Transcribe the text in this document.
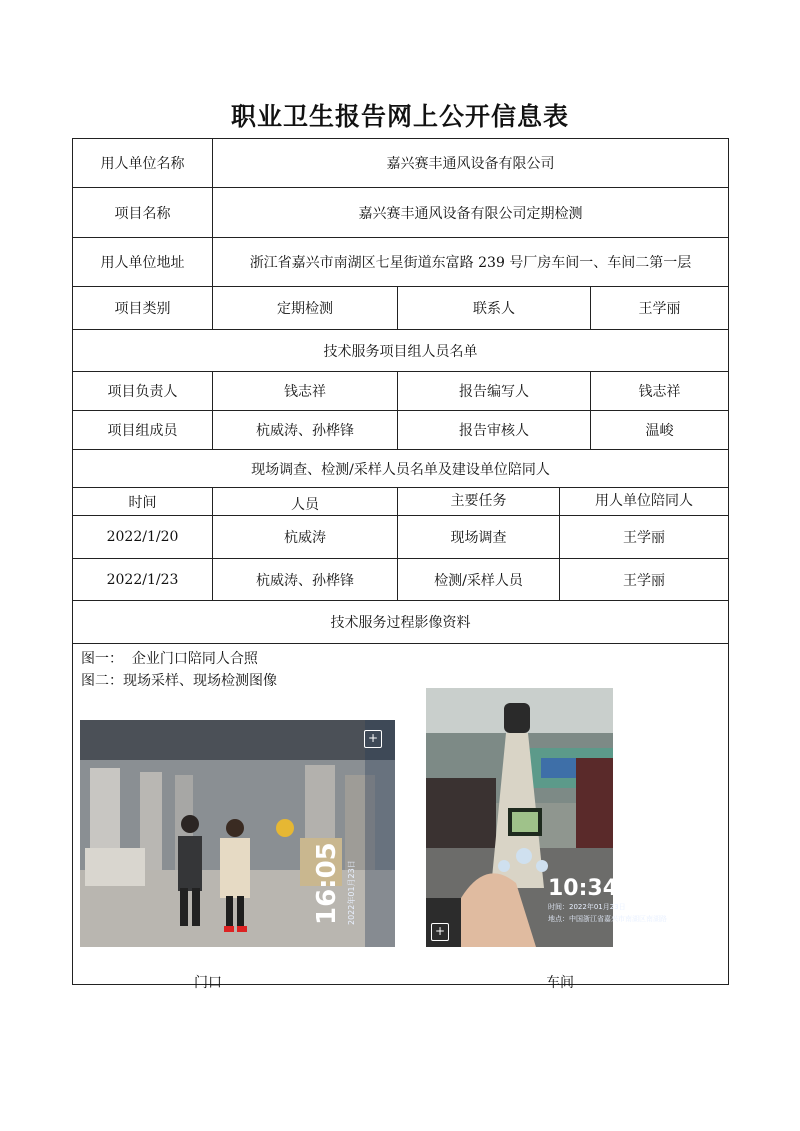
职业卫生报告网上公开信息表
用人单位名称	嘉兴赛丰通风设备有限公司
项目名称	嘉兴赛丰通风设备有限公司定期检测
用人单位地址	浙江省嘉兴市南湖区七星街道东富路 239 号厂房车间一、车间二第一层
项目类别	定期检测	联系人	王学丽
技术服务项目组人员名单
项目负责人	钱志祥	报告编写人	钱志祥
项目组成员	杭威涛、孙桦锋	报告审核人	温峻
现场调查、检测/采样人员名单及建设单位陪同人
时间	人员	主要任务	用人单位陪同人
2022/1/20	杭威涛	现场调查	王学丽
2022/1/23	杭威涛、孙桦锋	检测/采样人员	王学丽
技术服务过程影像资料
图一：  企业门口陪同人合照
图二：现场采样、现场检测图像
+
16:05 2022年01月23日
门口
10:34
时间：2022年01月23日
地点：中国浙江省嘉兴市南湖区南湖路
+
车间
